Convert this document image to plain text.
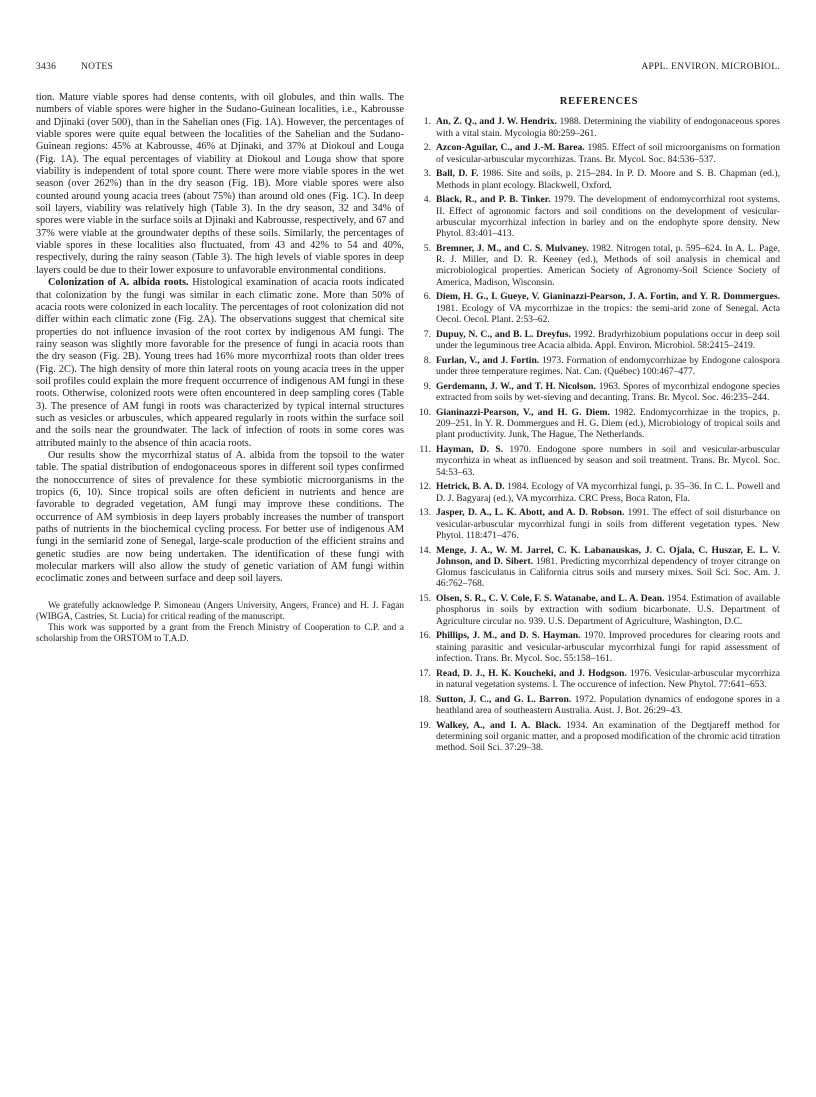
3436	NOTES	APPL. ENVIRON. MICROBIOL.

tion. Mature viable spores had dense contents, with oil globules, and thin walls. The numbers of viable spores were higher in the Sudano-Guinean localities, i.e., Kabrousse and Djinaki (over 500), than in the Sahelian ones (Fig. 1A). However, the percentages of viable spores were quite equal between the localities of the Sahelian and the Sudano-Guinean regions: 45% at Kabrousse, 46% at Djinaki, and 37% at Diokoul and Louga (Fig. 1A). The equal percentages of viability at Diokoul and Louga show that spore viability is independent of total spore count. There were more viable spores in the wet season (over 262%) than in the dry season (Fig. 1B). More viable spores were also counted around young acacia trees (about 75%) than around old ones (Fig. 1C). In deep soil layers, viability was relatively high (Table 3). In the dry season, 32 and 34% of spores were viable in the surface soils at Djinaki and Kabrousse, respectively, and 67 and 37% were viable at the groundwater depths of these soils. Similarly, the percentages of viable spores in these localities also fluctuated, from 43 and 42% to 54 and 40%, respectively, during the rainy season (Table 3). The high levels of viable spores in deep layers could be due to their lower exposure to unfavorable environmental conditions.

Colonization of A. albida roots. Histological examination of acacia roots indicated that colonization by the fungi was similar in each climatic zone. More than 50% of acacia roots were colonized in each locality. The percentages of root colonization did not differ within each climatic zone (Fig. 2A). The observations suggest that chemical site properties do not influence invasion of the root cortex by indigenous AM fungi. The rainy season was slightly more favorable for the presence of fungi in acacia roots than the dry season (Fig. 2B). Young trees had 16% more mycorrhizal roots than older trees (Fig. 2C). The high density of more thin lateral roots on young acacia trees in the upper soil profiles could explain the more frequent occurrence of indigenous AM fungi in these roots. Otherwise, colonized roots were often encountered in deep sampling cores (Table 3). The presence of AM fungi in roots was characterized by typical internal structures such as vesicles or arbuscules, which appeared regularly in roots within the surface soil and the soils near the groundwater. The lack of infection of roots in some cores was attributed mainly to the absence of thin acacia roots.

Our results show the mycorrhizal status of A. albida from the topsoil to the water table. The spatial distribution of endogonaceous spores in different soil types confirmed the nonoccurrence of sites of prevalence for these symbiotic microorganisms in the tropics (6, 10). Since tropical soils are often deficient in nutrients and hence are favorable to degraded vegetation, AM fungi may improve these conditions. The occurrence of AM symbiosis in deep layers probably increases the number of transport paths of nutrients in the biochemical cycling process. For better use of indigenous AM fungi in the semiarid zone of Senegal, large-scale production of the efficient strains and genetic studies are now being undertaken. The identification of these fungi with molecular markers will also allow the study of genetic variation of AM fungi within ecoclimatic zones and between surface and deep soil layers.

We gratefully acknowledge P. Simoneau (Angers University, Angers, France) and H. J. Fagan (WIBGA, Castries, St. Lucia) for critical reading of the manuscript.

This work was supported by a grant from the French Ministry of Cooperation to C.P. and a scholarship from the ORSTOM to T.A.D.

REFERENCES
1. An, Z. Q., and J. W. Hendrix. 1988. Determining the viability of endogonaceous spores with a vital stain. Mycologia 80:259–261.
2. Azcon-Aguilar, C., and J.-M. Barea. 1985. Effect of soil microorganisms on formation of vesicular-arbuscular mycorrhizas. Trans. Br. Mycol. Soc. 84:536–537.
3. Ball, D. F. 1986. Site and soils, p. 215–284. In P. D. Moore and S. B. Chapman (ed.), Methods in plant ecology. Blackwell, Oxford.
4. Black, R., and P. B. Tinker. 1979. The development of endomycorrhizal root systems. II. Effect of agronomic factors and soil conditions on the development of vesicular-arbuscular mycorrhizal infection in barley and on the endophyte spore density. New Phytol. 83:401–413.
5. Bremner, J. M., and C. S. Mulvaney. 1982. Nitrogen total, p. 595–624. In A. L. Page, R. J. Miller, and D. R. Keeney (ed.), Methods of soil analysis in chemical and microbiological properties. American Society of Agronomy-Soil Science Society of America, Madison, Wisconsin.
6. Diem, H. G., I. Gueye, V. Gianinazzi-Pearson, J. A. Fortin, and Y. R. Dommergues. 1981. Ecology of VA mycorrhizae in the tropics: the semi-arid zone of Senegal. Acta Oecol. Oecol. Plant. 2:53–62.
7. Dupuy, N. C., and B. L. Dreyfus. 1992. Bradyrhizobium populations occur in deep soil under the leguminous tree Acacia albida. Appl. Environ. Microbiol. 58:2415–2419.
8. Furlan, V., and J. Fortin. 1973. Formation of endomycorrhizae by Endogone calospora under three temperature regimes. Nat. Can. (Québec) 100:467–477.
9. Gerdemann, J. W., and T. H. Nicolson. 1963. Spores of mycorrhizal endogone species extracted from soils by wet-sieving and decanting. Trans. Br. Mycol. Soc. 46:235–244.
10. Gianinazzi-Pearson, V., and H. G. Diem. 1982. Endomycorrhizae in the tropics, p. 209–251. In Y. R. Dommergues and H. G. Diem (ed.), Microbiology of tropical soils and plant productivity. Junk, The Hague, The Netherlands.
11. Hayman, D. S. 1970. Endogone spore numbers in soil and vesicular-arbuscular mycorrhiza in wheat as influenced by season and soil treatment. Trans. Br. Mycol. Soc. 54:53–63.
12. Hetrick, B. A. D. 1984. Ecology of VA mycorrhizal fungi, p. 35–36. In C. L. Powell and D. J. Bagyaraj (ed.), VA mycorrhiza. CRC Press, Boca Raton, Fla.
13. Jasper, D. A., L. K. Abott, and A. D. Robson. 1991. The effect of soil disturbance on vesicular-arbuscular mycorrhizal fungi in soils from different vegetation types. New Phytol. 118:471–476.
14. Menge, J. A., W. M. Jarrel, C. K. Labanauskas, J. C. Ojala, C. Huszar, E. L. V. Johnson, and D. Sibert. 1981. Predicting mycorrhizal dependency of troyer citrange on Glomus fasciculatus in California citrus soils and nursery mixes. Soil Sci. Soc. Am. J. 46:762–768.
15. Olsen, S. R., C. V. Cole, F. S. Watanabe, and L. A. Dean. 1954. Estimation of available phosphorus in soils by extraction with sodium bicarbonate. U.S. Department of Agriculture circular no. 939. U.S. Department of Agriculture, Washington, D.C.
16. Phillips, J. M., and D. S. Hayman. 1970. Improved procedures for clearing roots and staining parasitic and vesicular-arbuscular mycorrhizal fungi for rapid assessment of infection. Trans. Br. Mycol. Soc. 55:158–161.
17. Read, D. J., H. K. Koucheki, and J. Hodgson. 1976. Vesicular-arbuscular mycorrhiza in natural vegetation systems. I. The occurence of infection. New Phytol. 77:641–653.
18. Sutton, J. C., and G. L. Barron. 1972. Population dynamics of endogone spores in a heathland area of southeastern Australia. Aust. J. Bot. 26:29–43.
19. Walkey, A., and I. A. Black. 1934. An examination of the Degtjareff method for determining soil organic matter, and a proposed modification of the chromic acid titration method. Soil Sci. 37:29–38.
